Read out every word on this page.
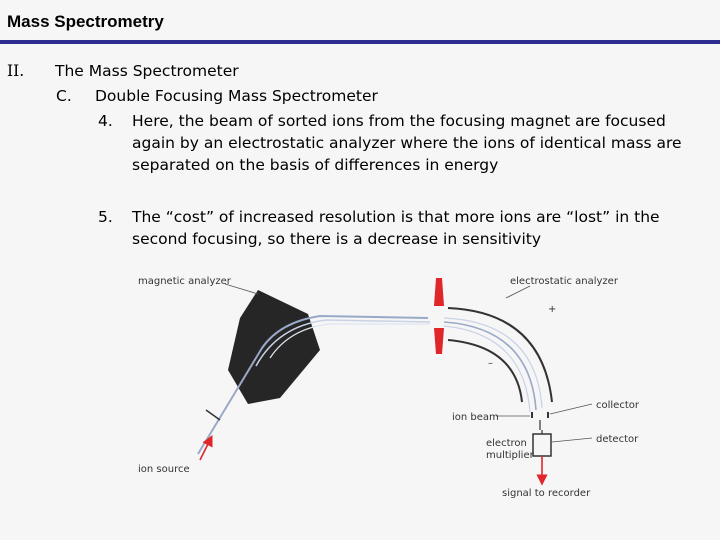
Mass Spectrometry
II. The Mass Spectrometer
C. Double Focusing Mass Spectrometer
4. Here, the beam of sorted ions from the focusing magnet are focused again by an electrostatic analyzer where the ions of identical mass are separated on the basis of differences in energy
5. The “cost” of increased resolution is that more ions are “lost” in the second focusing, so there is a decrease in sensitivity
magnetic analyzer	electrostatic analyzer
+
–
collector
ion beam
detector
electron
multiplier
ion source
signal to recorder
